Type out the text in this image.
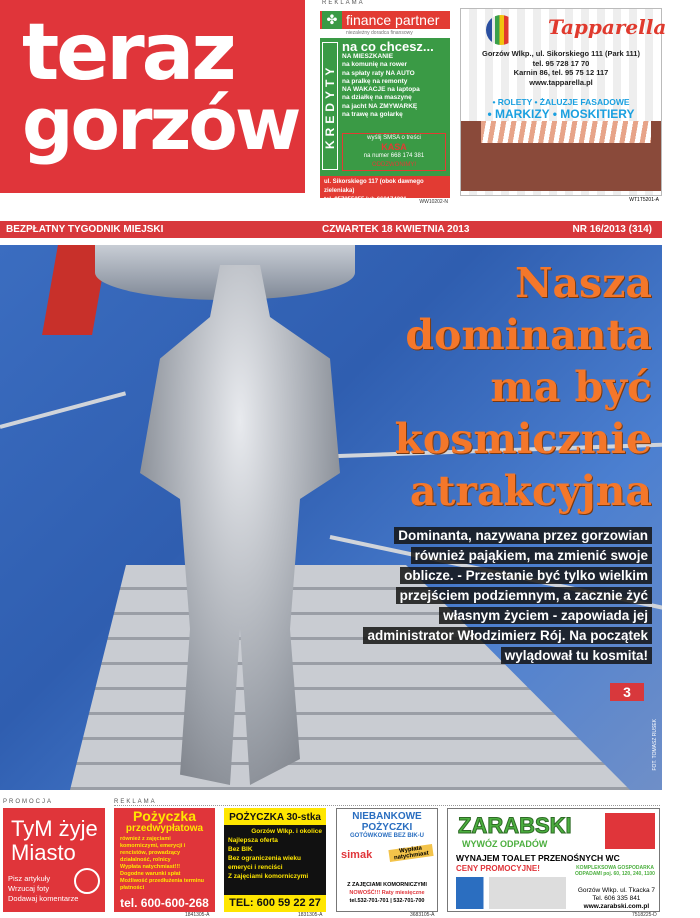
teraz
gorzów
REKLAMA
finance partner
✤
niezależny doradca finansowy
KREDYTY
na co chcesz...
NA MIESZKANIE
na komunię na rower
na spłaty raty NA AUTO
na pralkę na remonty
NA WAKACJE na laptopa
na działkę na maszynę
na jacht NA ZMYWARKĘ
na trawę na golarkę
wyślij SMSA o treści
KASA
na numer 668 174 381
ODDZWONIMY!
ul. Sikorskiego 117 (obok dawnego zieleniaka)
tel. 957355255 lub 668174381	WW10202-N
Tapparella
Gorzów Wlkp., ul. Sikorskiego 111 (Park 111)
tel. 95 728 17 70
Karnin 86, tel. 95 75 12 117
www.tapparella.pl
• ROLETY • ŻALUZJE FASADOWE
• MARKIZY • MOSKITIERY
WT1T5201-A
BEZPŁATNY TYGODNIK MIEJSKI	CZWARTEK 18 KWIETNIA 2013	NR 16/2013 (314)
Nasza
dominanta
ma być
kosmicznie
atrakcyjna
Dominanta, nazywana przez gorzowian
również pająkiem, ma zmienić swoje
oblicze. - Przestanie być tylko wielkim
przejściem podziemnym, a zacznie żyć
własnym życiem - zapowiada jej
administrator Włodzimierz Rój. Na początek
wylądował tu kosmita!
3
FOT. TOMASZ RUSEK
PROMOCJA	REKLAMA
TyM żyje
Miasto
Pisz artykuły
Wrzucaj foty
Dodawaj komentarze
Pożyczka
przedwypłatowa
również z zajęciami komorniczymi, emerycji i rencistów, prowadzący działalność, rolnicy
Wypłata natychmiast!!!
Dogodne warunki spłat
Możliwość przedłużenia terminu płatności
tel. 600-600-268
1841305-A
POŻYCZKA 30-stka
Gorzów Wlkp. i okolice
Najlepsza oferta
Bez BIK
Bez ograniczenia wieku emeryci i renciści
Z zajęciami komorniczymi
TEL: 600 59 22 27
1831305-A
NIEBANKOWE POŻYCZKI
GOTÓWKOWE BEZ BIK-U
simak	Wypłata natychmiast
Z ZAJĘCIAMI KOMORNICZYMI
NOWOŚĆ!!! Raty miesięczne
tel.532-701-701 | 532-701-700
3683105-A
ZARABSKI
WYWÓZ ODPADÓW
WYNAJEM TOALET PRZENOŚNYCH WC
CENY PROMOCYJNE!	KOMPLEKSOWA GOSPODARKA ODPADAMI poj. 60, 120, 240, 1100
Gorzów Wlkp. ul. Tkacka 7
Tel. 606 335 841
www.zarabski.com.pl
7518225-D
